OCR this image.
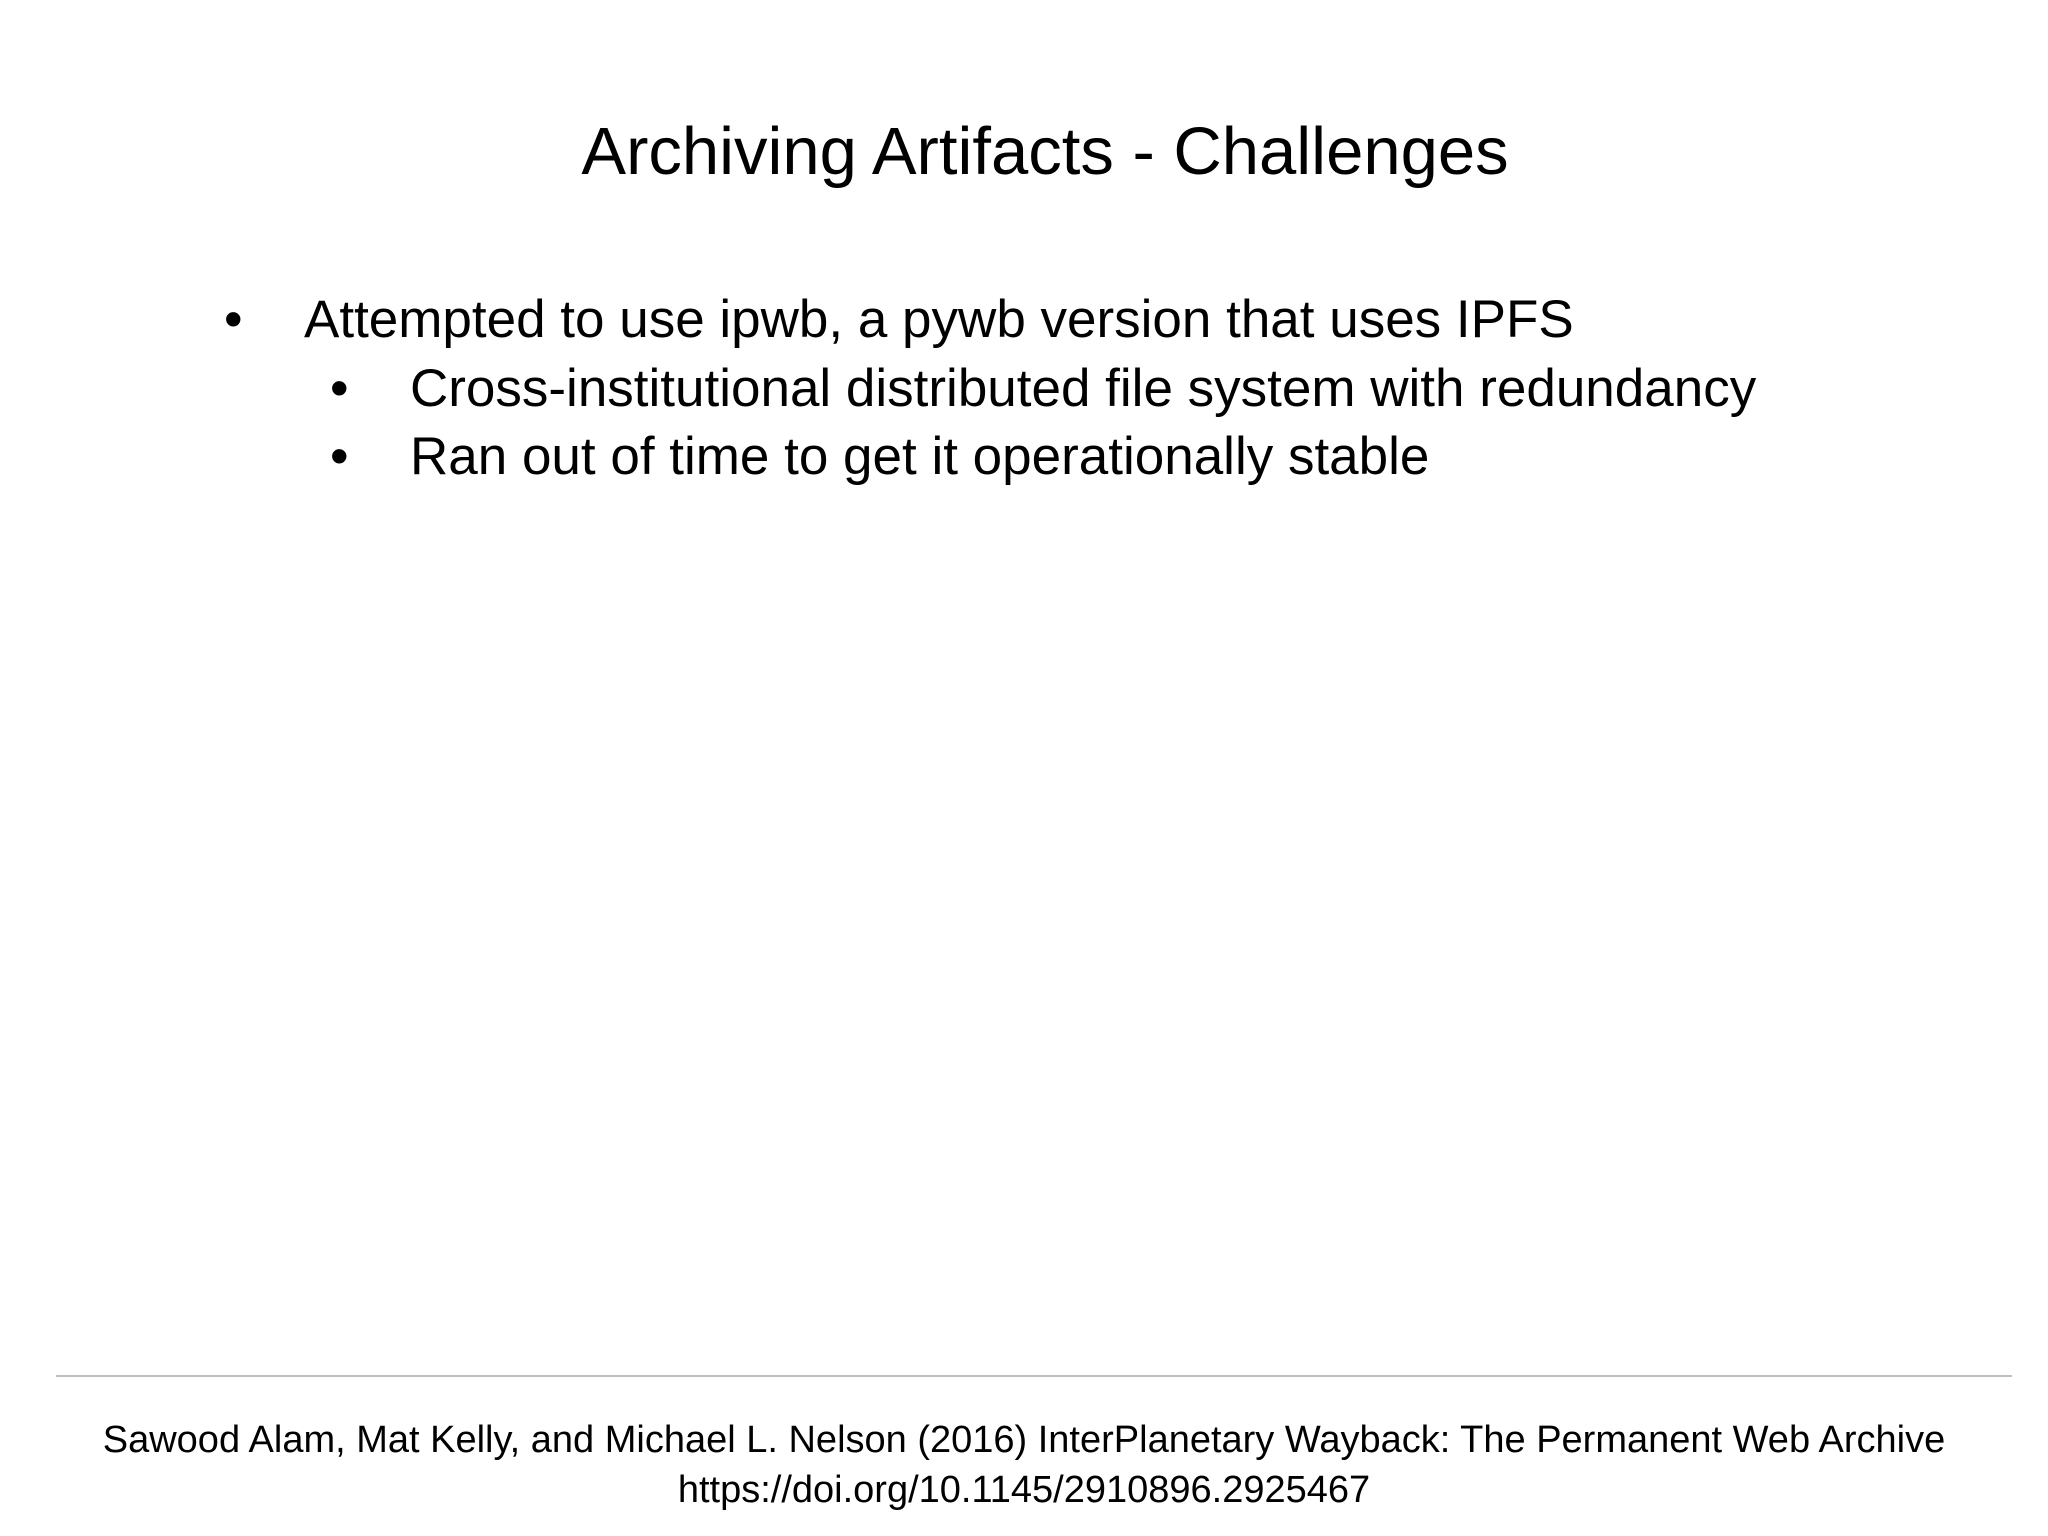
Archiving Artifacts - Challenges
• Attempted to use ipwb, a pywb version that uses IPFS
• Cross-institutional distributed file system with redundancy
• Ran out of time to get it operationally stable
Sawood Alam, Mat Kelly, and Michael L. Nelson (2016) InterPlanetary Wayback: The Permanent Web Archive
https://doi.org/10.1145/2910896.2925467
